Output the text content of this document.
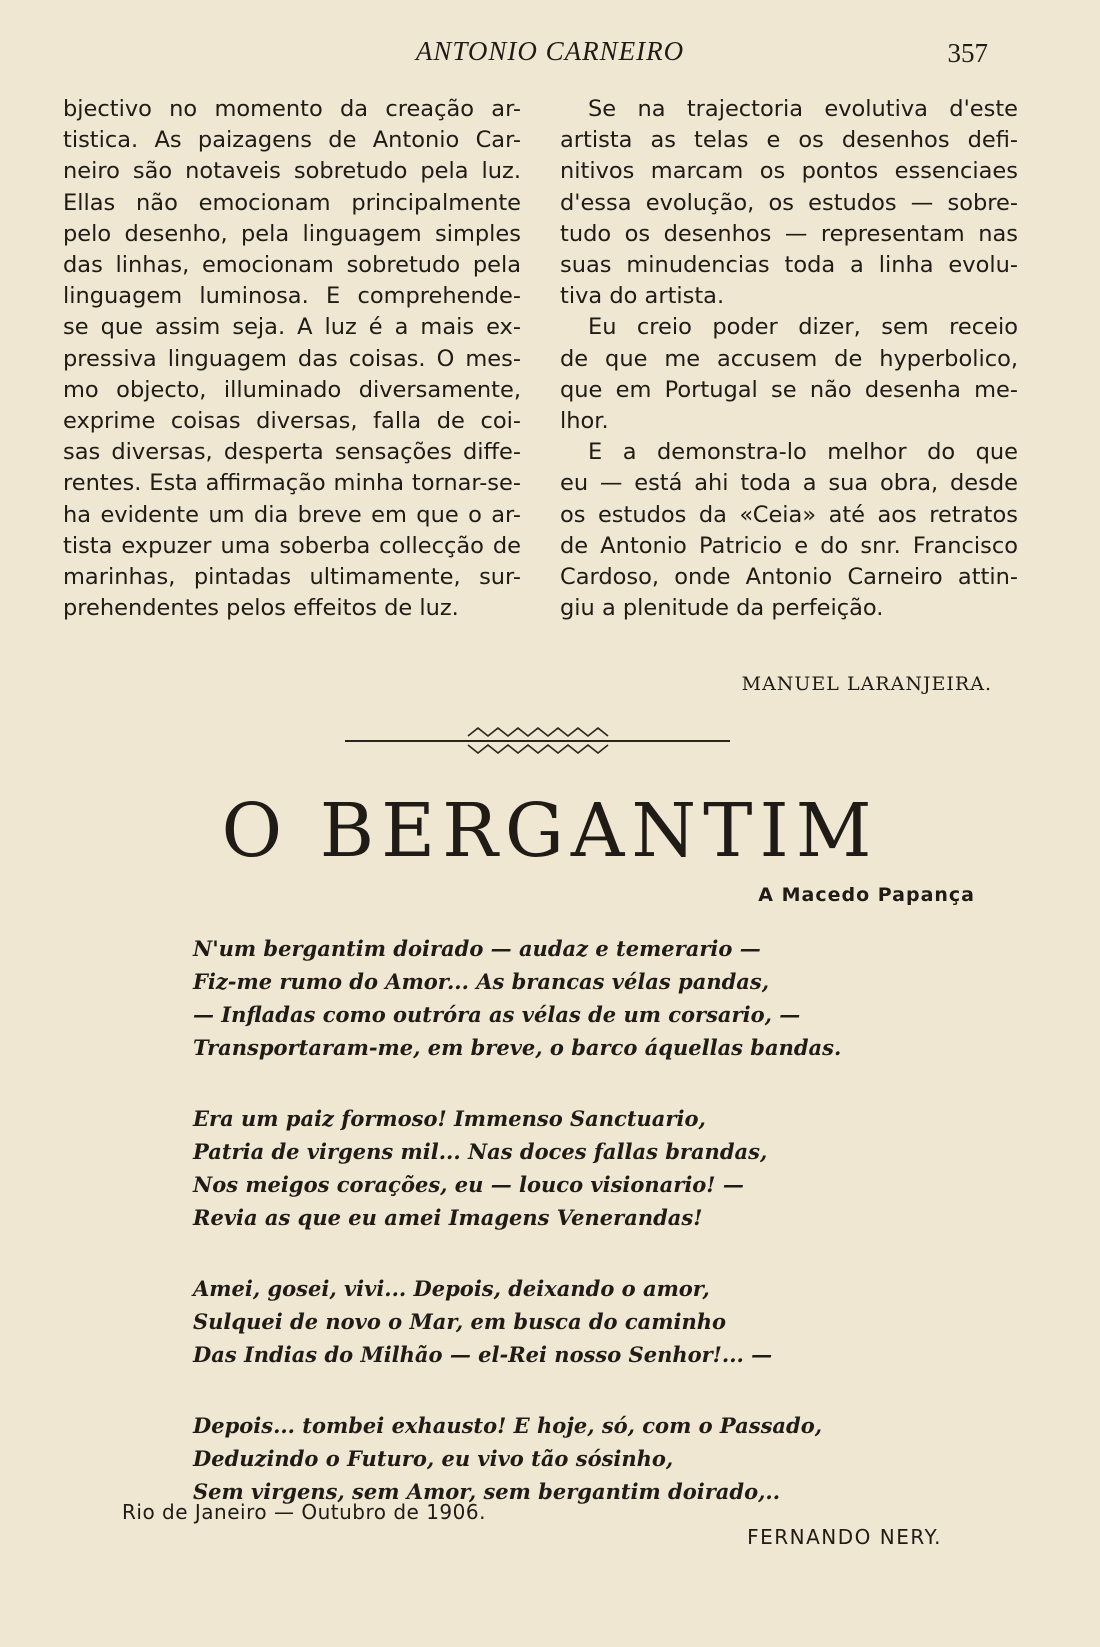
ANTONIO CARNEIRO	357
bjectivo no momento da creação ar-
tistica. As paizagens de Antonio Car-
neiro são notaveis sobretudo pela luz.
Ellas não emocionam principalmente
pelo desenho, pela linguagem simples
das linhas, emocionam sobretudo pela
linguagem luminosa. E comprehende-
se que assim seja. A luz é a mais ex-
pressiva linguagem das coisas. O mes-
mo objecto, illuminado diversamente,
exprime coisas diversas, falla de coi-
sas diversas, desperta sensações diffe-
rentes. Esta affirmação minha tornar-se-
ha evidente um dia breve em que o ar-
tista expuzer uma soberba collecção de
marinhas, pintadas ultimamente, sur-
prehendentes pelos effeitos de luz.

Se na trajectoria evolutiva d'este
artista as telas e os desenhos defi-
nitivos marcam os pontos essenciaes
d'essa evolução, os estudos — sobre-
tudo os desenhos — representam nas
suas minudencias toda a linha evolu-
tiva do artista.

Eu creio poder dizer, sem receio
de que me accusem de hyperbolico,
que em Portugal se não desenha me-
lhor.

E a demonstra-lo melhor do que
eu — está ahi toda a sua obra, desde
os estudos da «Ceia» até aos retratos
de Antonio Patricio e do snr. Francisco
Cardoso, onde Antonio Carneiro attin-
giu a plenitude da perfeição.

MANUEL LARANJEIRA.
O BERGANTIM
A Macedo Papança
N'um bergantim doirado — audaz e temerario —
Fiz-me rumo do Amor... As brancas vélas pandas,
— Infladas como outróra as vélas de um corsario, —
Transportaram-me, em breve, o barco áquellas bandas.
Era um paiz formoso! Immenso Sanctuario,
Patria de virgens mil... Nas doces fallas brandas,
Nos meigos corações, eu — louco visionario! —
Revia as que eu amei Imagens Venerandas!
Amei, gosei, vivi... Depois, deixando o amor,
Sulquei de novo o Mar, em busca do caminho
Das Indias do Milhão — el-Rei nosso Senhor!... —
Depois... tombei exhausto! E hoje, só, com o Passado,
Deduzindo o Futuro, eu vivo tão sósinho,
Sem virgens, sem Amor, sem bergantim doirado,..
Rio de Janeiro — Outubro de 1906.
FERNANDO NERY.
